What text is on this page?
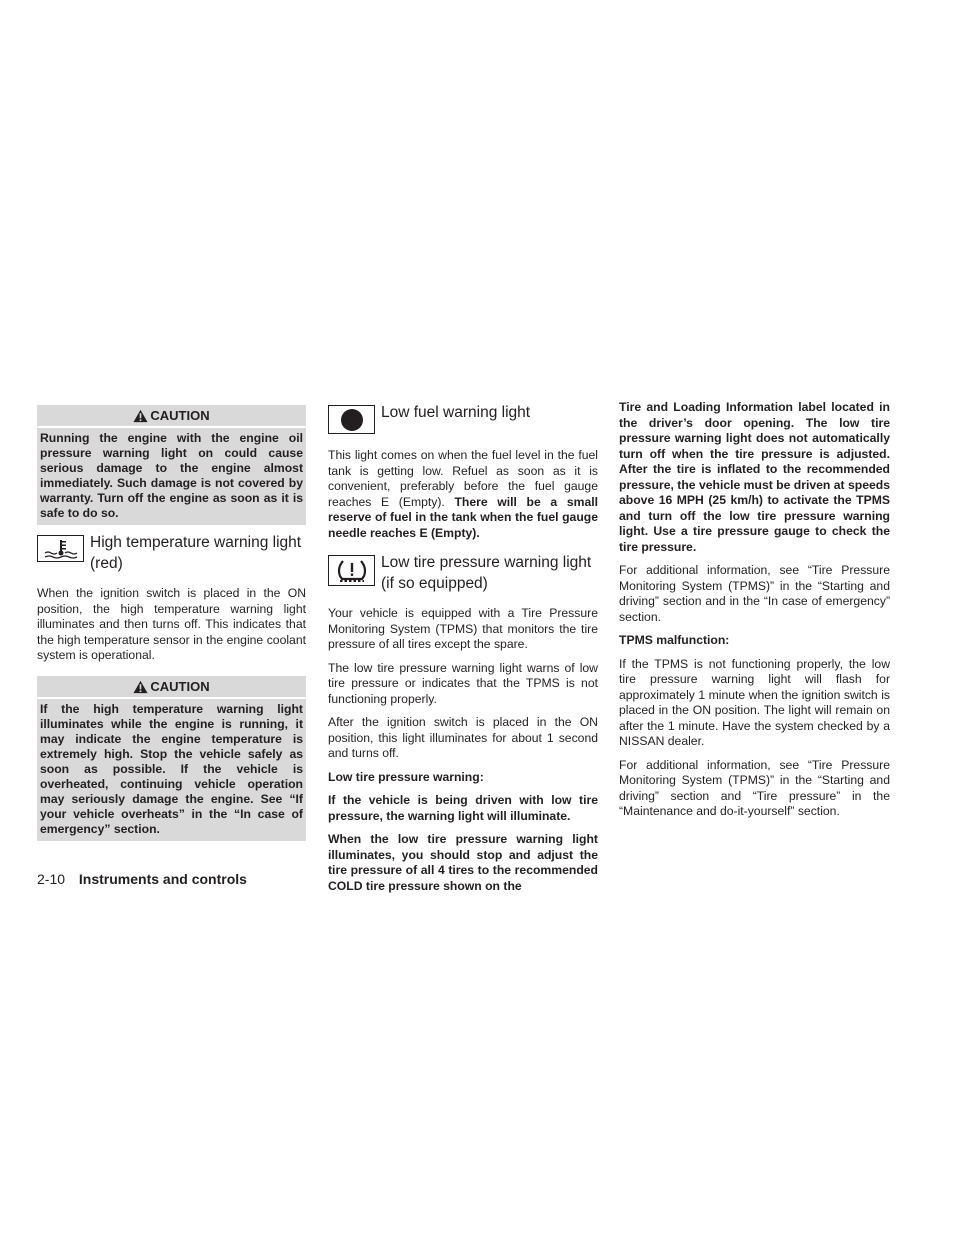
CAUTION
Running the engine with the engine oil pressure warning light on could cause serious damage to the engine almost immediately. Such damage is not covered by warranty. Turn off the engine as soon as it is safe to do so.
High temperature warning light (red)

When the ignition switch is placed in the ON position, the high temperature warning light illuminates and then turns off. This indicates that the high temperature sensor in the engine coolant system is operational.

CAUTION
If the high temperature warning light illuminates while the engine is running, it may indicate the engine temperature is extremely high. Stop the vehicle safely as soon as possible. If the vehicle is overheated, continuing vehicle operation may seriously damage the engine. See “If your vehicle overheats” in the “In case of emergency” section.
Low fuel warning light

This light comes on when the fuel level in the fuel tank is getting low. Refuel as soon as it is convenient, preferably before the fuel gauge reaches E (Empty). There will be a small reserve of fuel in the tank when the fuel gauge needle reaches E (Empty).

Low tire pressure warning light (if so equipped)

Your vehicle is equipped with a Tire Pressure Monitoring System (TPMS) that monitors the tire pressure of all tires except the spare.

The low tire pressure warning light warns of low tire pressure or indicates that the TPMS is not functioning properly.

After the ignition switch is placed in the ON position, this light illuminates for about 1 second and turns off.

Low tire pressure warning:

If the vehicle is being driven with low tire pressure, the warning light will illuminate.

When the low tire pressure warning light illuminates, you should stop and adjust the tire pressure of all 4 tires to the recommended COLD tire pressure shown on the

Tire and Loading Information label located in the driver’s door opening. The low tire pressure warning light does not automatically turn off when the tire pressure is adjusted. After the tire is inflated to the recommended pressure, the vehicle must be driven at speeds above 16 MPH (25 km/h) to activate the TPMS and turn off the low tire pressure warning light. Use a tire pressure gauge to check the tire pressure.

For additional information, see “Tire Pressure Monitoring System (TPMS)” in the “Starting and driving” section and in the “In case of emergency” section.

TPMS malfunction:

If the TPMS is not functioning properly, the low tire pressure warning light will flash for approximately 1 minute when the ignition switch is placed in the ON position. The light will remain on after the 1 minute. Have the system checked by a NISSAN dealer.

For additional information, see “Tire Pressure Monitoring System (TPMS)” in the “Starting and driving” section and “Tire pressure” in the “Maintenance and do-it-yourself” section.

2-10 Instruments and controls
